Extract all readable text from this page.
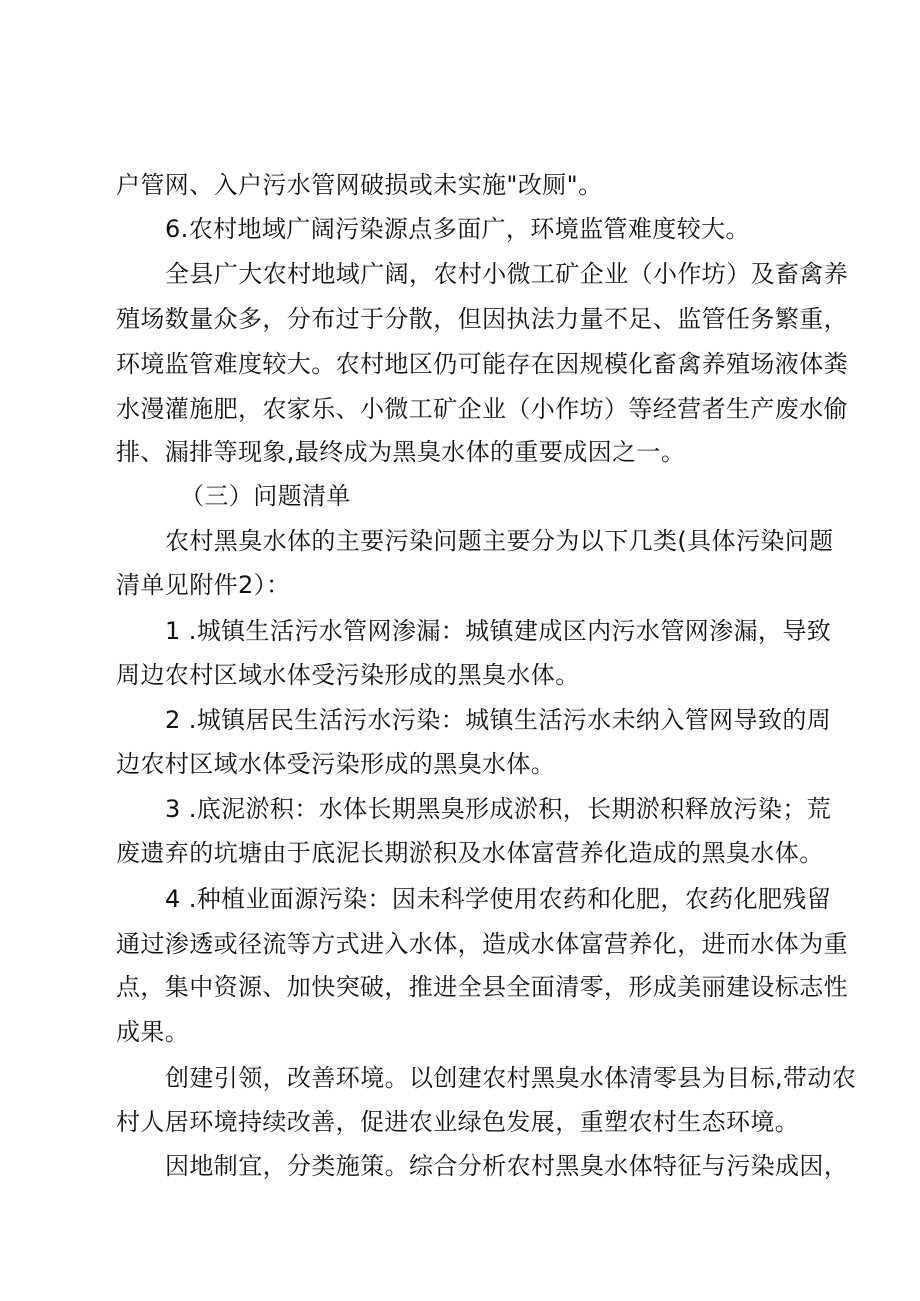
户管网、入户污水管网破损或未实施"改厕"。
6.农村地域广阔污染源点多面广，环境监管难度较大。
全县广大农村地域广阔，农村小微工矿企业（小作坊）及畜禽养
殖场数量众多，分布过于分散，但因执法力量不足、监管任务繁重，
环境监管难度较大。农村地区仍可能存在因规模化畜禽养殖场液体粪
水漫灌施肥，农家乐、小微工矿企业（小作坊）等经营者生产废水偷
排、漏排等现象,最终成为黑臭水体的重要成因之一。
（三）问题清单
农村黑臭水体的主要污染问题主要分为以下几类(具体污染问题
清单见附件2）：
1 .城镇生活污水管网渗漏：城镇建成区内污水管网渗漏，导致
周边农村区域水体受污染形成的黑臭水体。
2 .城镇居民生活污水污染：城镇生活污水未纳入管网导致的周
边农村区域水体受污染形成的黑臭水体。
3 .底泥淤积：水体长期黑臭形成淤积，长期淤积释放污染；荒
废遗弃的坑塘由于底泥长期淤积及水体富营养化造成的黑臭水体。
4 .种植业面源污染：因未科学使用农药和化肥，农药化肥残留
通过渗透或径流等方式进入水体，造成水体富营养化，进而水体为重
点，集中资源、加快突破，推进全县全面清零，形成美丽建设标志性
成果。
创建引领，改善环境。以创建农村黑臭水体清零县为目标,带动农
村人居环境持续改善，促进农业绿色发展，重塑农村生态环境。
因地制宜，分类施策。综合分析农村黑臭水体特征与污染成因，
